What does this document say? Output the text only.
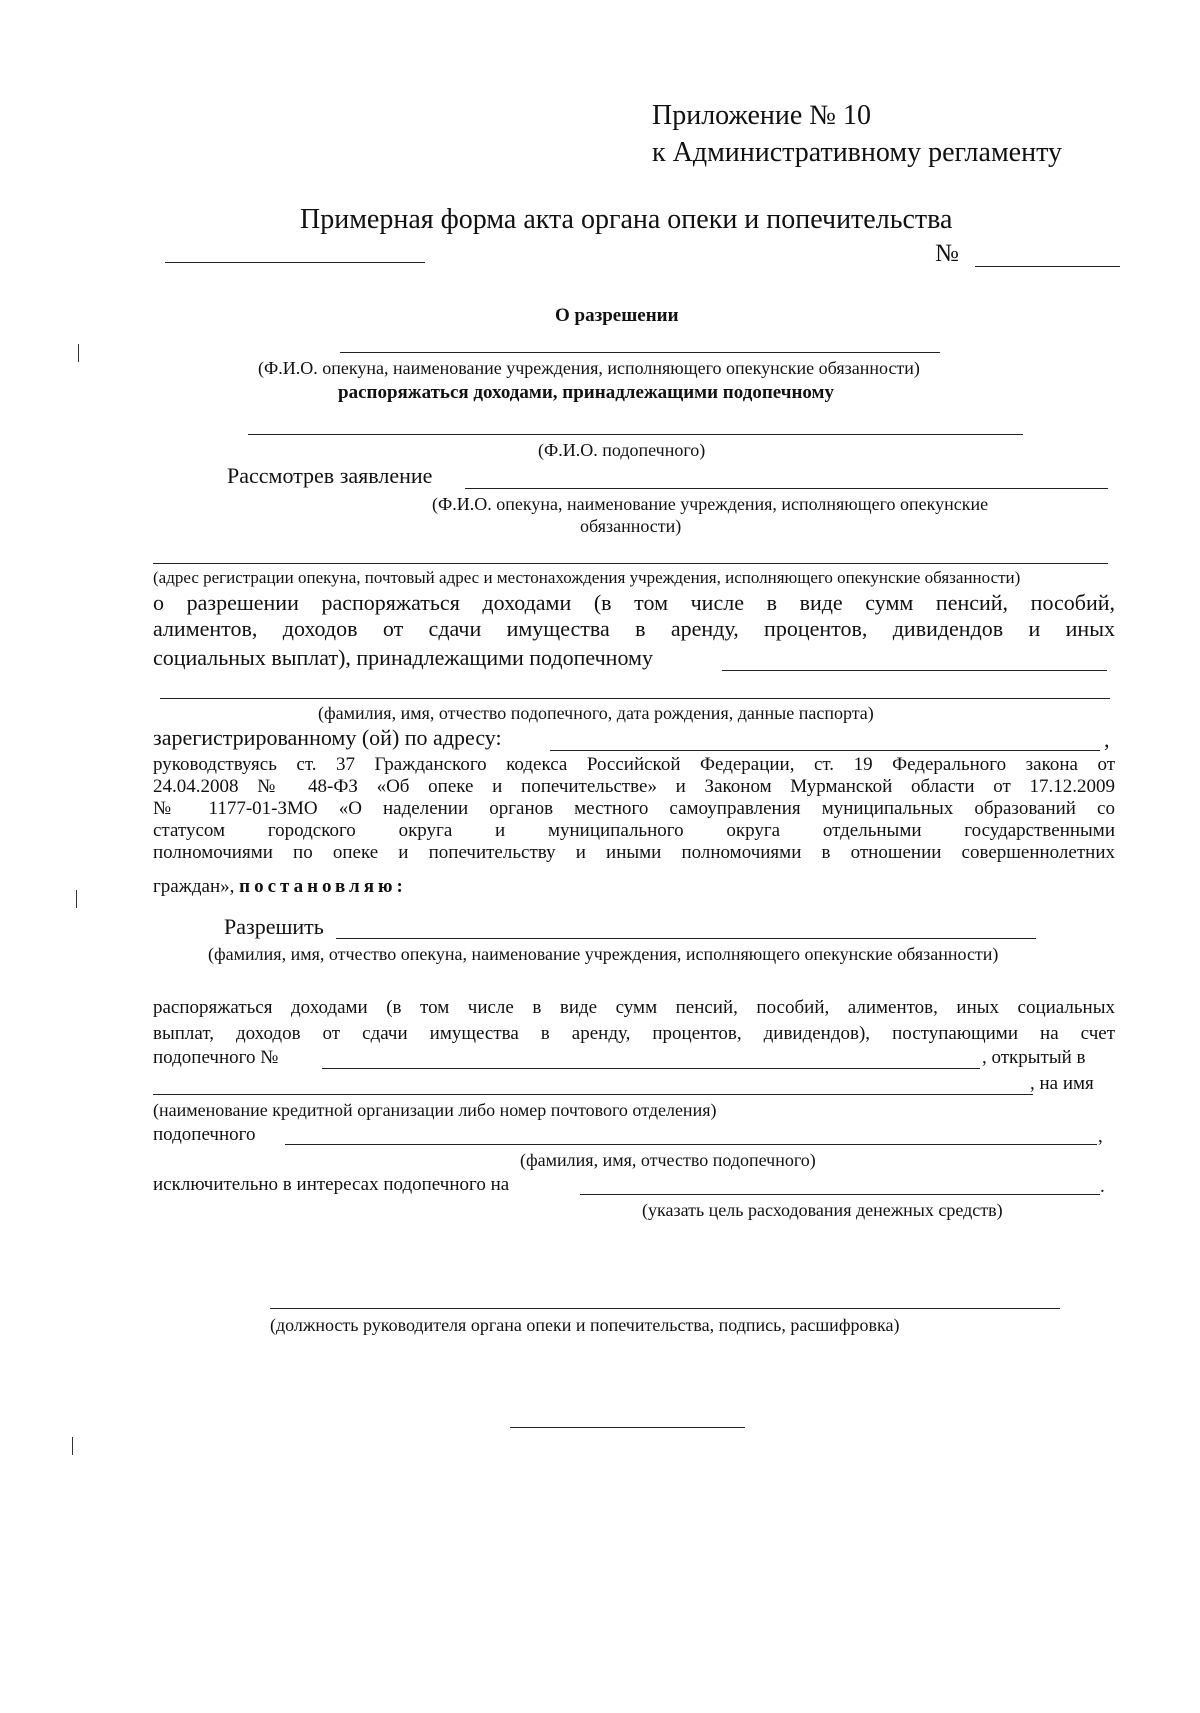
Приложение № 10
к Административному регламенту
Примерная форма акта органа опеки и попечительства
№
О разрешении
(Ф.И.О. опекуна, наименование учреждения, исполняющего опекунские обязанности)
распоряжаться доходами, принадлежащими подопечному
(Ф.И.О. подопечного)
Рассмотрев заявление
(Ф.И.О. опекуна, наименование учреждения, исполняющего опекунские
обязанности)
(адрес регистрации опекуна, почтовый адрес и местонахождения учреждения, исполняющего опекунские обязанности)
о разрешении распоряжаться доходами (в том числе в виде сумм пенсий, пособий,
алиментов, доходов от сдачи имущества в аренду, процентов, дивидендов и иных
социальных выплат), принадлежащими подопечному
(фамилия, имя, отчество подопечного, дата рождения, данные паспорта)
зарегистрированному (ой) по адресу:	,
руководствуясь ст. 37 Гражданского кодекса Российской Федерации, ст. 19 Федерального закона от
24.04.2008 № 48-ФЗ «Об опеке и попечительстве» и Законом Мурманской области от 17.12.2009
№ 1177-01-ЗМО «О наделении органов местного самоуправления муниципальных образований со
статусом городского округа и муниципального округа отдельными государственными
полномочиями по опеке и попечительству и иными полномочиями в отношении совершеннолетних
граждан», постановляю:
Разрешить
(фамилия, имя, отчество опекуна, наименование учреждения, исполняющего опекунские обязанности)
распоряжаться доходами (в том числе в виде сумм пенсий, пособий, алиментов, иных социальных
выплат, доходов от сдачи имущества в аренду, процентов, дивидендов), поступающими на счет
подопечного №	, открытый в
, на имя
(наименование кредитной организации либо номер почтового отделения)
подопечного	,
(фамилия, имя, отчество подопечного)
исключительно в интересах подопечного на	.
(указать цель расходования денежных средств)
(должность руководителя органа опеки и попечительства, подпись, расшифровка)
